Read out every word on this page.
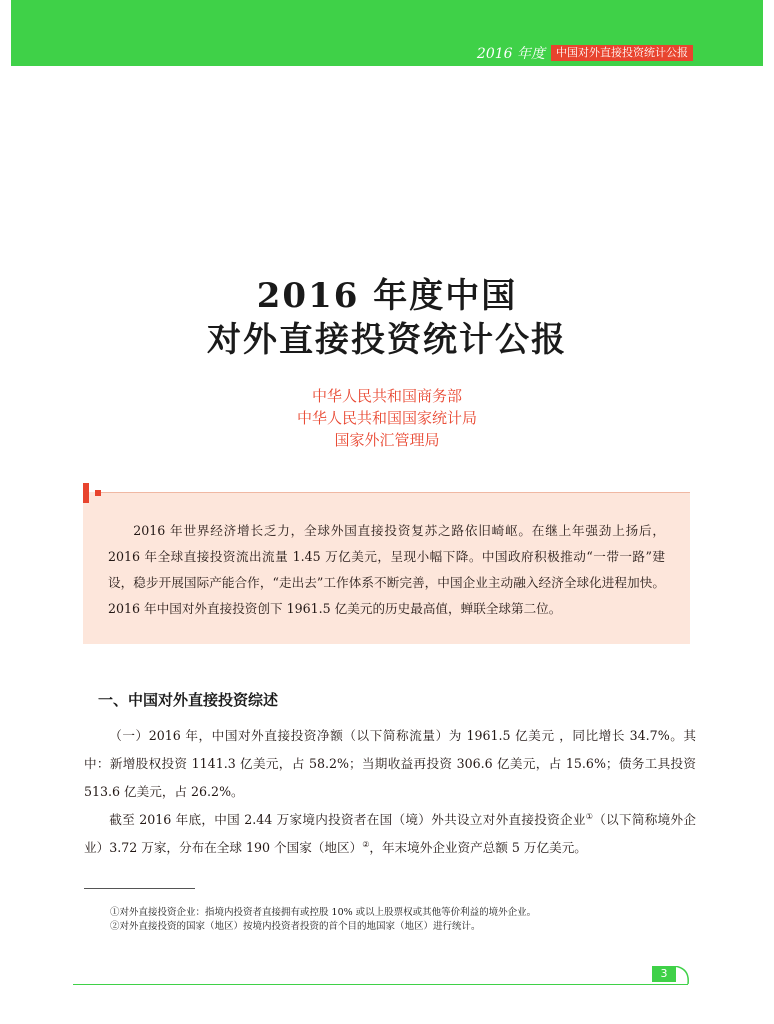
2016 年度	中国对外直接投资统计公报
2016 年度中国
对外直接投资统计公报
中华人民共和国商务部
中华人民共和国国家统计局
国家外汇管理局

2016 年世界经济增长乏力，全球外国直接投资复苏之路依旧崎岖。在继上年强劲上扬后，2016 年全球直接投资流出流量 1.45 万亿美元，呈现小幅下降。中国政府积极推动“一带一路”建设，稳步开展国际产能合作，“走出去”工作体系不断完善，中国企业主动融入经济全球化进程加快。2016 年中国对外直接投资创下 1961.5 亿美元的历史最高值，蝉联全球第二位。

一、中国对外直接投资综述

（一）2016 年，中国对外直接投资净额（以下简称流量）为 1961.5 亿美元 ，同比增长 34.7%。其中：新增股权投资 1141.3 亿美元，占 58.2%；当期收益再投资 306.6 亿美元，占 15.6%；债务工具投资 513.6 亿美元，占 26.2%。

截至 2016 年底，中国 2.44 万家境内投资者在国（境）外共设立对外直接投资企业①（以下简称境外企业）3.72 万家，分布在全球 190 个国家（地区）②，年末境外企业资产总额 5 万亿美元。

①对外直接投资企业：指境内投资者直接拥有或控股 10% 或以上股票权或其他等价利益的境外企业。
②对外直接投资的国家（地区）按境内投资者投资的首个目的地国家（地区）进行统计。
3
